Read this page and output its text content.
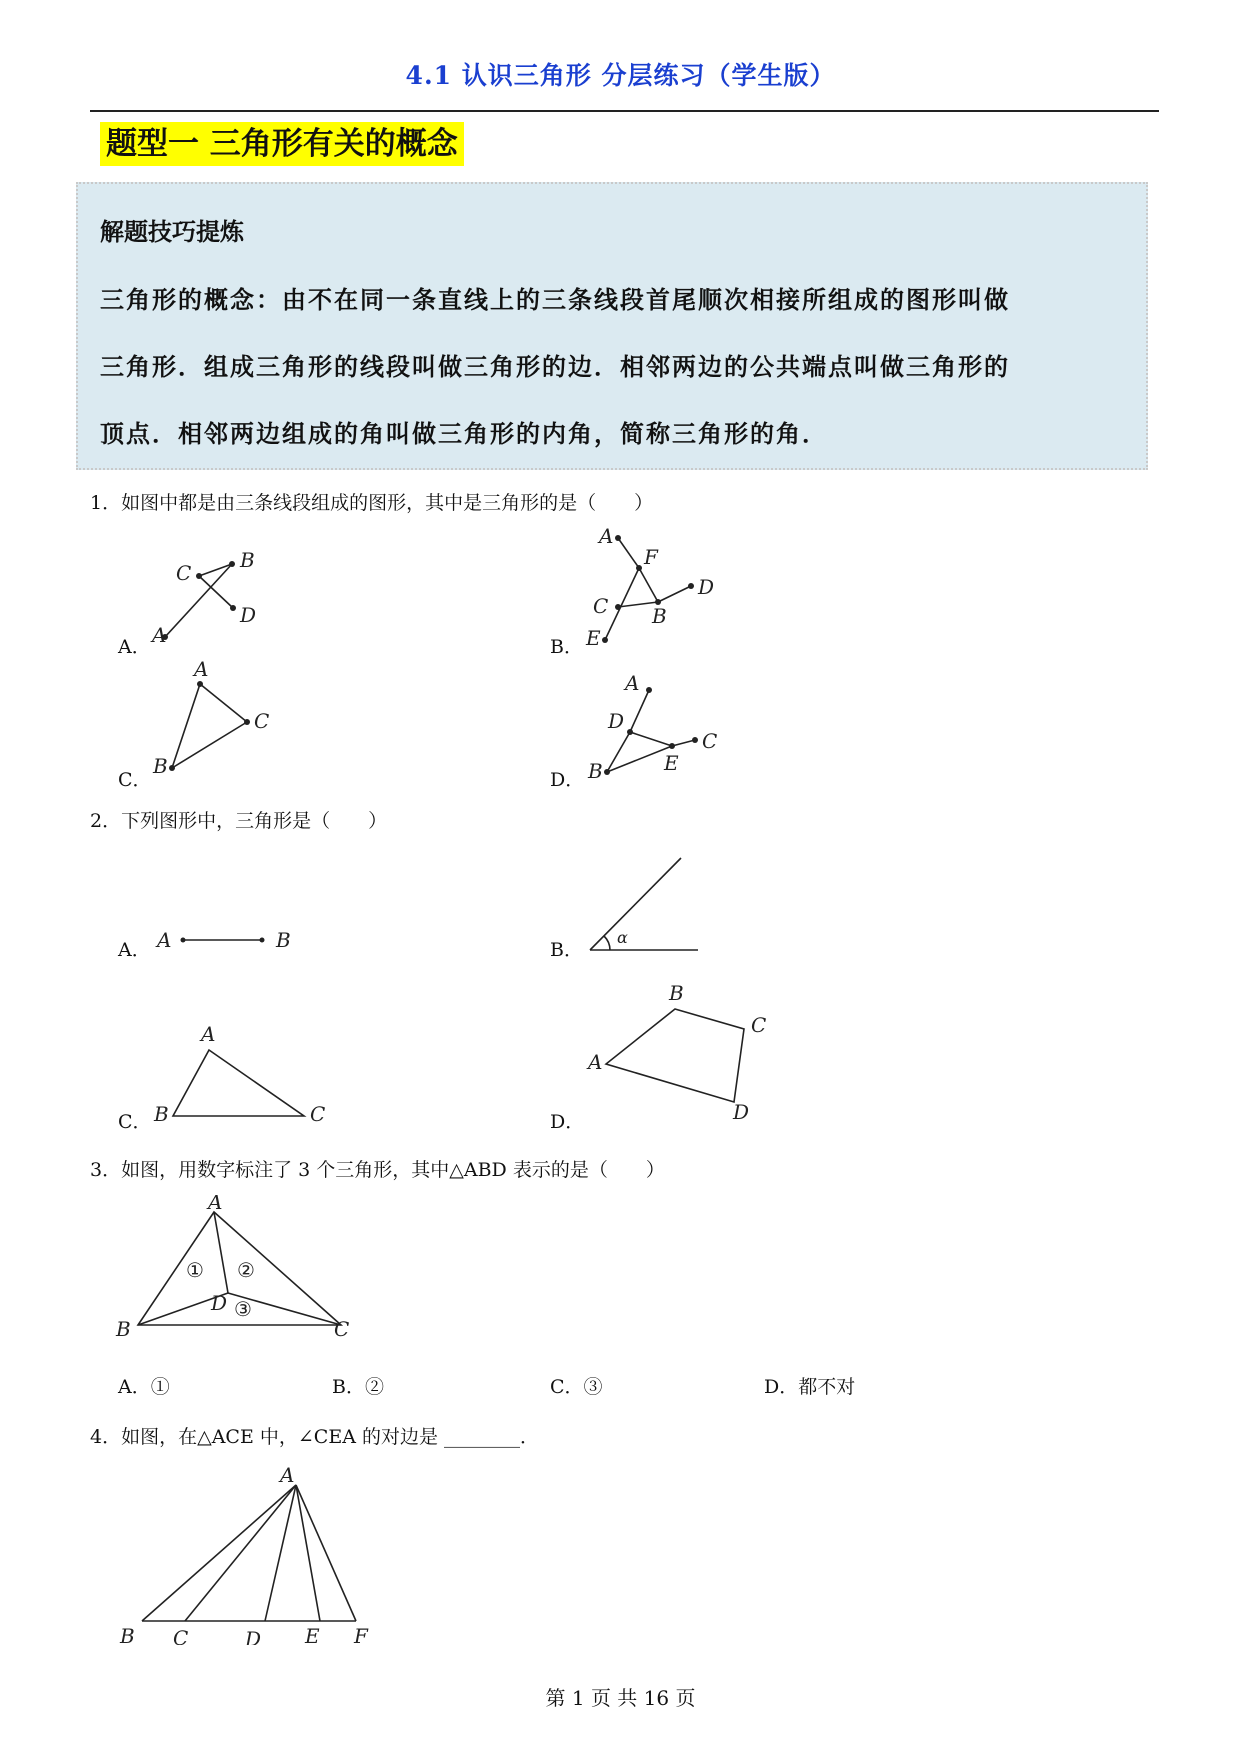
4.1 认识三角形 分层练习（学生版）
题型一 三角形有关的概念
解题技巧提炼
三角形的概念：由不在同一条直线上的三条线段首尾顺次相接所组成的图形叫做
三角形．组成三角形的线段叫做三角形的边．相邻两边的公共端点叫做三角形的
顶点．相邻两边组成的角叫做三角形的内角，简称三角形的角．
1．如图中都是由三条线段组成的图形，其中是三角形的是（　　）
A．	B．
C．	D．
C
B
D
A
A
F
D
C B
E
A
C
B
A
D
C
E
B
2．下列图形中，三角形是（　　）
A．	B．
C．	D．
A	B	α
A
B	C
B
C
A
D
3．如图，用数字标注了 3 个三角形，其中△ABD 表示的是（　　）
A
① ②
D ③
B	C
A．①	B．②	C．③	D．都不对
4．如图，在△ACE 中，∠CEA 的对边是 ________．
A
B C	D E F
第 1 页 共 16 页
